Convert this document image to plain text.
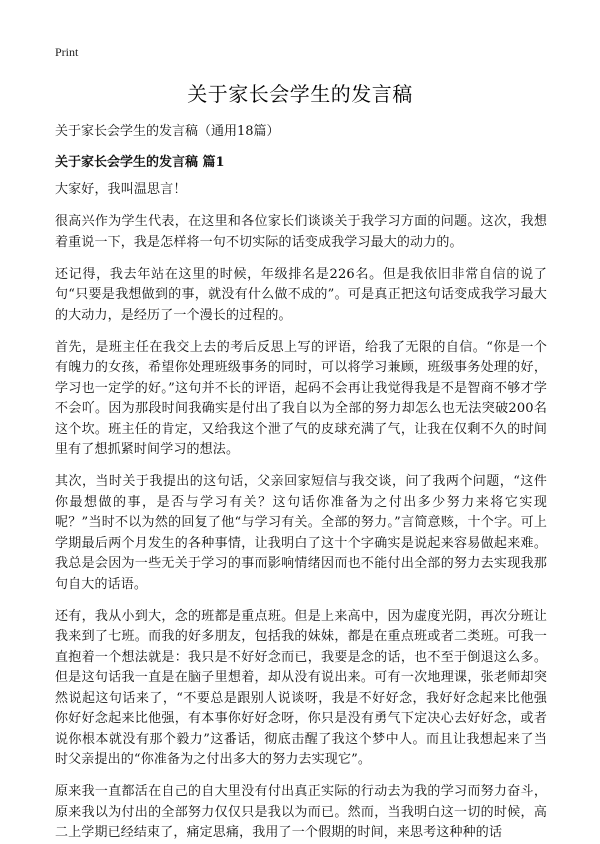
Print
关于家长会学生的发言稿

关于家长会学生的发言稿（通用18篇）

关于家长会学生的发言稿 篇1

大家好，我叫温思言！

很高兴作为学生代表，在这里和各位家长们谈谈关于我学习方面的问题。这次，我想着重说一下，我是怎样将一句不切实际的话变成我学习最大的动力的。

还记得，我去年站在这里的时候，年级排名是226名。但是我依旧非常自信的说了句“只要是我想做到的事，就没有什么做不成的”。可是真正把这句话变成我学习最大的大动力，是经历了一个漫长的过程的。

首先，是班主任在我交上去的考后反思上写的评语，给我了无限的自信。“你是一个有魄力的女孩，希望你处理班级事务的同时，可以将学习兼顾，班级事务处理的好，学习也一定学的好。”这句并不长的评语，起码不会再让我觉得我是不是智商不够才学不会吖。因为那段时间我确实是付出了我自以为全部的努力却怎么也无法突破200名这个坎。班主任的肯定，又给我这个泄了气的皮球充满了气，让我在仅剩不久的时间里有了想抓紧时间学习的想法。

其次，当时关于我提出的这句话，父亲回家短信与我交谈，问了我两个问题，“这件你最想做的事，是否与学习有关？这句话你准备为之付出多少努力来将它实现呢？”当时不以为然的回复了他“与学习有关。全部的努力。”言简意赅，十个字。可上学期最后两个月发生的各种事情，让我明白了这十个字确实是说起来容易做起来难。我总是会因为一些无关于学习的事而影响情绪因而也不能付出全部的努力去实现我那句自大的话语。

还有，我从小到大，念的班都是重点班。但是上来高中，因为虚度光阴，再次分班让我来到了七班。而我的好多朋友，包括我的妹妹，都是在重点班或者二类班。可我一直抱着一个想法就是：我只是不好好念而已，我要是念的话，也不至于倒退这么多。但是这句话我一直是在脑子里想着，却从没有说出来。可有一次地理课，张老师却突然说起这句话来了，“不要总是跟别人说谈呀，我是不好好念，我好好念起来比他强你好好念起来比他强，有本事你好好念呀，你只是没有勇气下定决心去好好念，或者说你根本就没有那个毅力”这番话，彻底击醒了我这个梦中人。而且让我想起来了当时父亲提出的“你准备为之付出多大的努力去实现它”。

原来我一直都活在自己的自大里没有付出真正实际的行动去为我的学习而努力奋斗，原来我以为付出的全部努力仅仅只是我以为而已。然而，当我明白这一切的时候，高二上学期已经结束了，痛定思痛，我用了一个假期的时间，来思考这种种的话
